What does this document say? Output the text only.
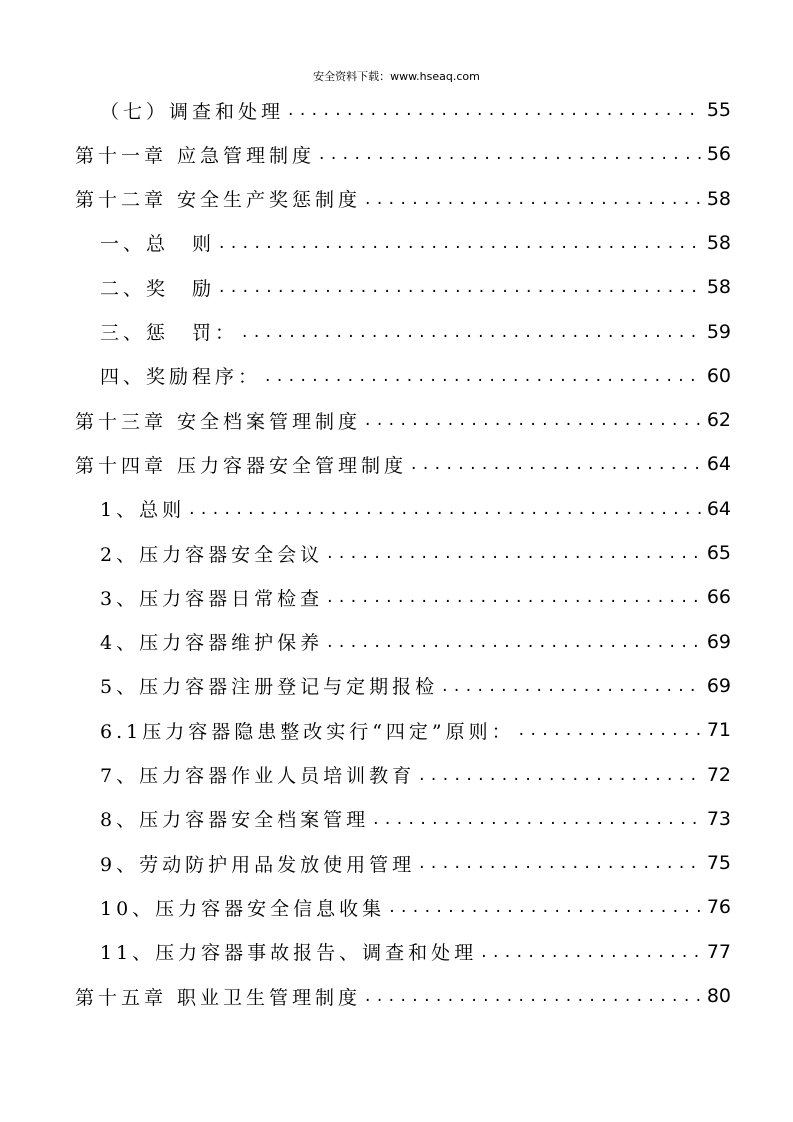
安全资料下载：www.hseaq.com
（七）调查和处理 . . .	55
第十一章 应急管理制度 . . .	56
第十二章 安全生产奖惩制度 . . .	58
一、总　则 . . .	58
二、奖　励 . . .	58
三、惩　罚： . . .	59
四、奖励程序： . . .	60
第十三章 安全档案管理制度 . . .	62
第十四章 压力容器安全管理制度 . . .	64
1、总则 . . .	64
2、压力容器安全会议 . . .	65
3、压力容器日常检查 . . .	66
4、压力容器维护保养 . . .	69
5、压力容器注册登记与定期报检 . . .	69
6.1压力容器隐患整改实行“四定”原则： . . .	71
7、压力容器作业人员培训教育 . . .	72
8、压力容器安全档案管理 . . .	73
9、劳动防护用品发放使用管理 . . .	75
10、压力容器安全信息收集 . . .	76
11、压力容器事故报告、调查和处理 . . .	77
第十五章 职业卫生管理制度 . . .	80
